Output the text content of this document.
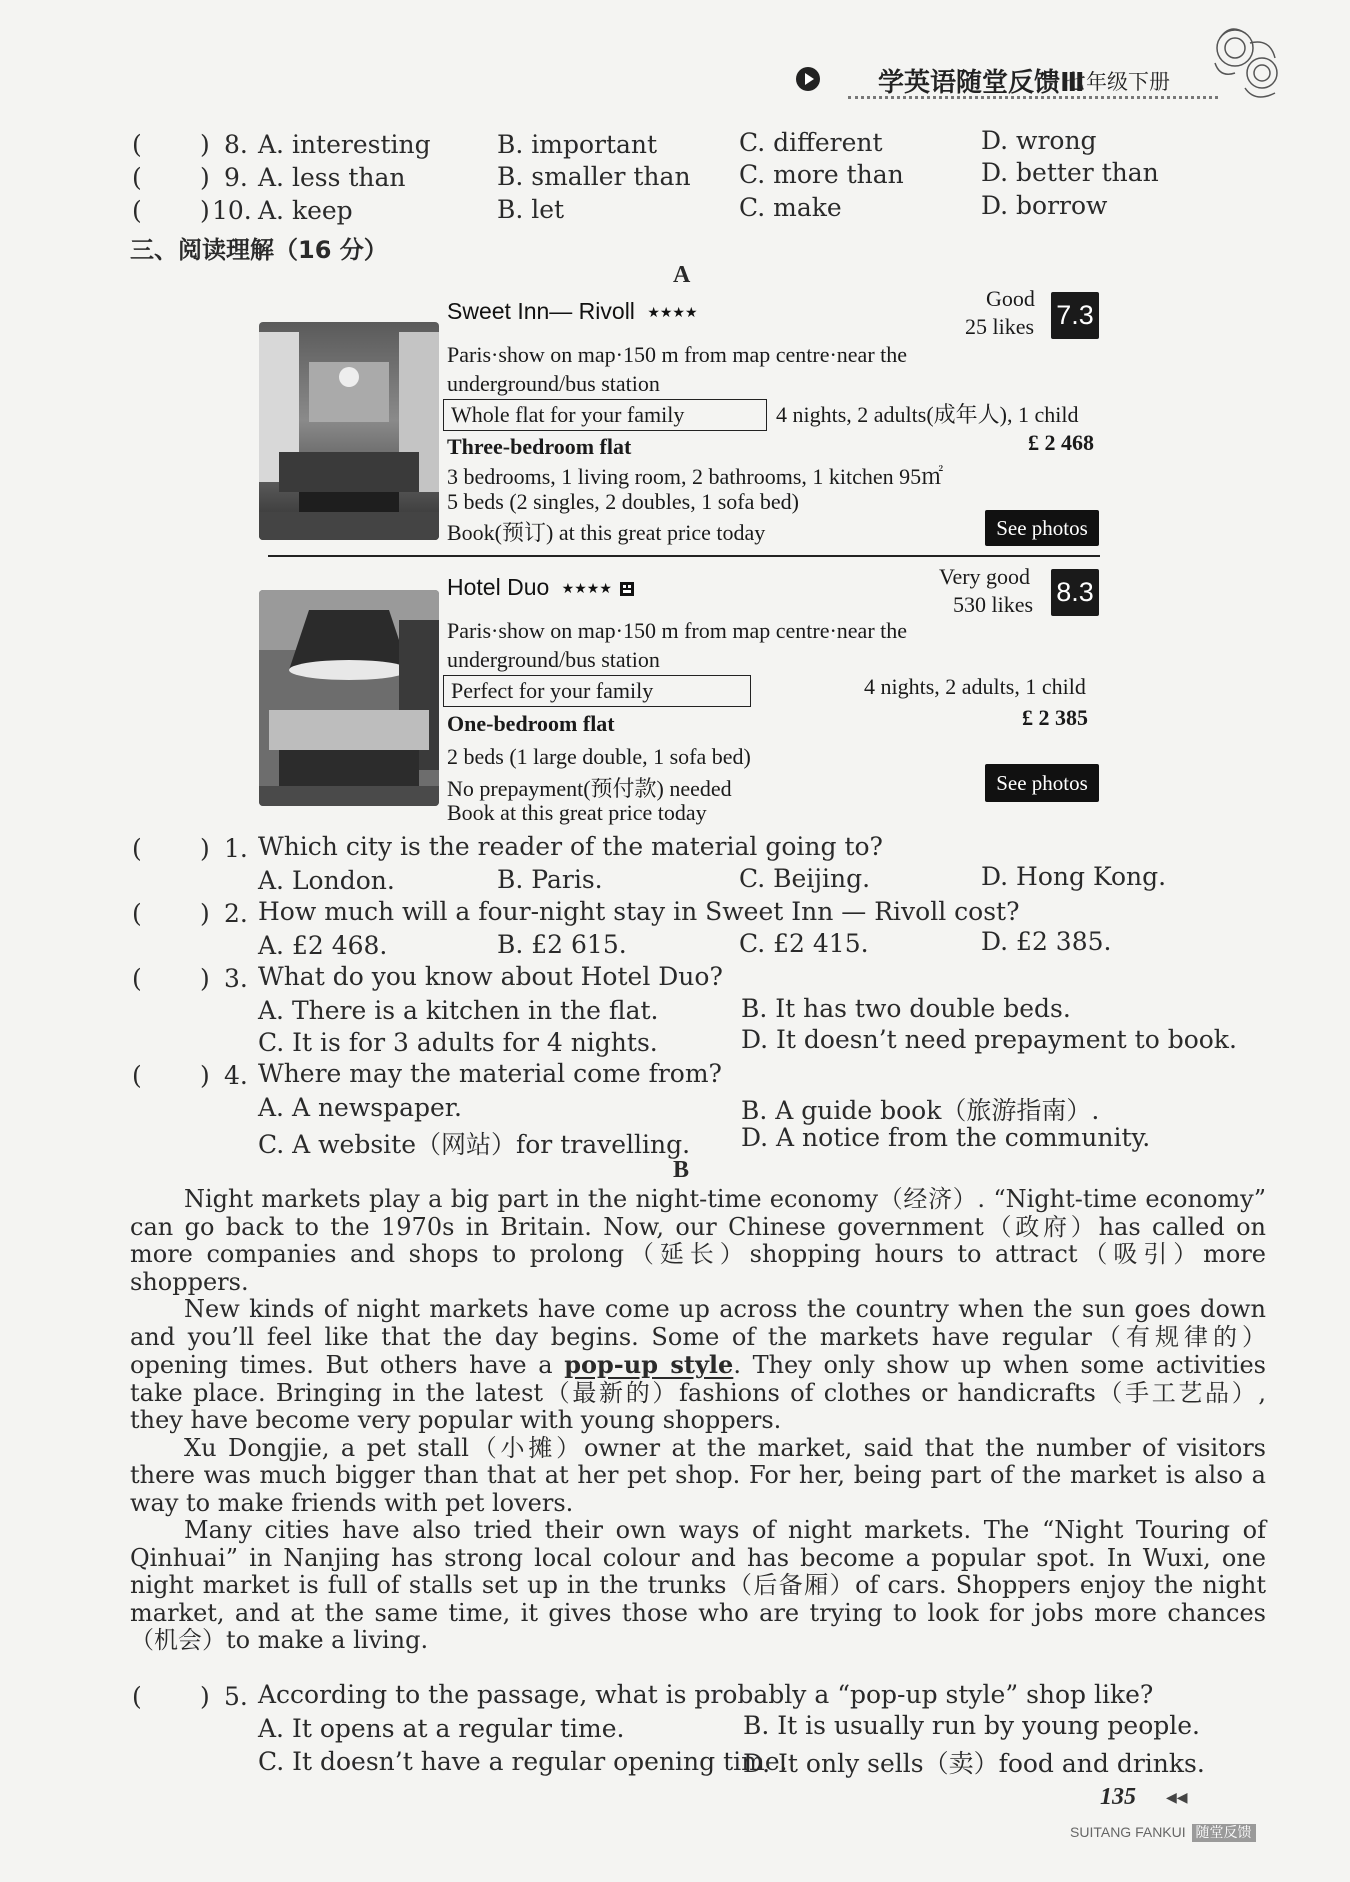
学英语随堂反馈Ⅲ
七年级下册
( ) 8. A. interesting	B. important	C. different	D. wrong
( ) 9. A. less than	B. smaller than C. more than	D. better than
( ) 10. A. keep	B. let	C. make	D. borrow
三、阅读理解（16 分）
A
Sweet Inn— Rivoll ★★★★
Good
25 likes 7.3
Paris·show on map·150 m from map centre·near the
underground/bus station
Whole flat for your family	4 nights, 2 adults(成年人), 1 child
Three-bedroom flat	£ 2 468
3 bedrooms, 1 living room, 2 bathrooms, 1 kitchen 95㎡
5 beds (2 singles, 2 doubles, 1 sofa bed)
Book(预订) at this great price today	See photos
Hotel Duo ★★★★	Very good
530 likes 8.3
Paris·show on map·150 m from map centre·near the
underground/bus station
Perfect for your family	4 nights, 2 adults, 1 child
One-bedroom flat	£ 2 385
2 beds (1 large double, 1 sofa bed)
No prepayment(预付款) needed
Book at this great price today
See photos
( ) 1. Which city is the reader of the material going to?
A. London.	B. Paris.	C. Beijing.	D. Hong Kong.
( ) 2. How much will a four-night stay in Sweet Inn — Rivoll cost?
A. £2 468.	B. £2 615.	C. £2 415.	D. £2 385.
( ) 3. What do you know about Hotel Duo?
A. There is a kitchen in the flat.	B. It has two double beds.
C. It is for 3 adults for 4 nights.	D. It doesn’t need prepayment to book.
( ) 4. Where may the material come from?
A. A newspaper.	B. A guide book（旅游指南）.
C. A website（网站）for travelling. D. A notice from the community.
B

Night markets play a big part in the night-time economy（经济）. “Night-time economy” can go back to the 1970s in Britain. Now, our Chinese government（政府）has called on more companies and shops to prolong（延长）shopping hours to attract（吸引）more shoppers.

New kinds of night markets have come up across the country when the sun goes down and you’ll feel like that the day begins. Some of the markets have regular（有规律的）opening times. But others have a pop-up style. They only show up when some activities take place. Bringing in the latest（最新的）fashions of clothes or handicrafts（手工艺品）, they have become very popular with young shoppers.

Xu Dongjie, a pet stall（小摊）owner at the market, said that the number of visitors there was much bigger than that at her pet shop. For her, being part of the market is also a way to make friends with pet lovers.

Many cities have also tried their own ways of night markets. The “Night Touring of Qinhuai” in Nanjing has strong local colour and has become a popular spot. In Wuxi, one night market is full of stalls set up in the trunks（后备厢）of cars. Shoppers enjoy the night market, and at the same time, it gives those who are trying to look for jobs more chances（机会）to make a living.

( ) 5. According to the passage, what is probably a “pop-up style” shop like?
A. It opens at a regular time.	B. It is usually run by young people.
C. It doesn’t have a regular opening time.
D. It only sells（卖）food and drinks.
135 ◀◀
SUITANG FANKUI 随堂反馈
